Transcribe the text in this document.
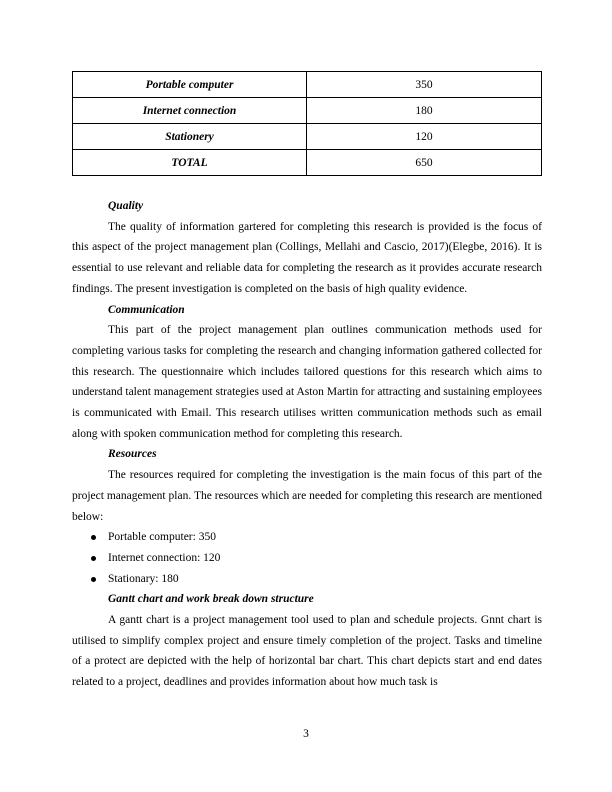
Portable computer	350
Internet connection	180
Stationery	120
TOTAL	650
Quality

The quality of information gartered for completing this research is provided is the focus of this aspect of the project management plan (Collings, Mellahi and Cascio, 2017)(Elegbe, 2016). It is essential to use relevant and reliable data for completing the research as it provides accurate research findings. The present investigation is completed on the basis of high quality evidence.

Communication

This part of the project management plan outlines communication methods used for completing various tasks for completing the research and changing information gathered collected for this research. The questionnaire which includes tailored questions for this research which aims to understand talent management strategies used at Aston Martin for attracting and sustaining employees is communicated with Email. This research utilises written communication methods such as email along with spoken communication method for completing this research.

Resources

The resources required for completing the investigation is the main focus of this part of the project management plan. The resources which are needed for completing this research are mentioned below:

Portable computer: 350
Internet connection: 120
Stationary: 180
Gantt chart and work break down structure

A gantt chart is a project management tool used to plan and schedule projects. Gnnt chart is utilised to simplify complex project and ensure timely completion of the project. Tasks and timeline of a protect are depicted with the help of horizontal bar chart. This chart depicts start and end dates related to a project, deadlines and provides information about how much task is

3
